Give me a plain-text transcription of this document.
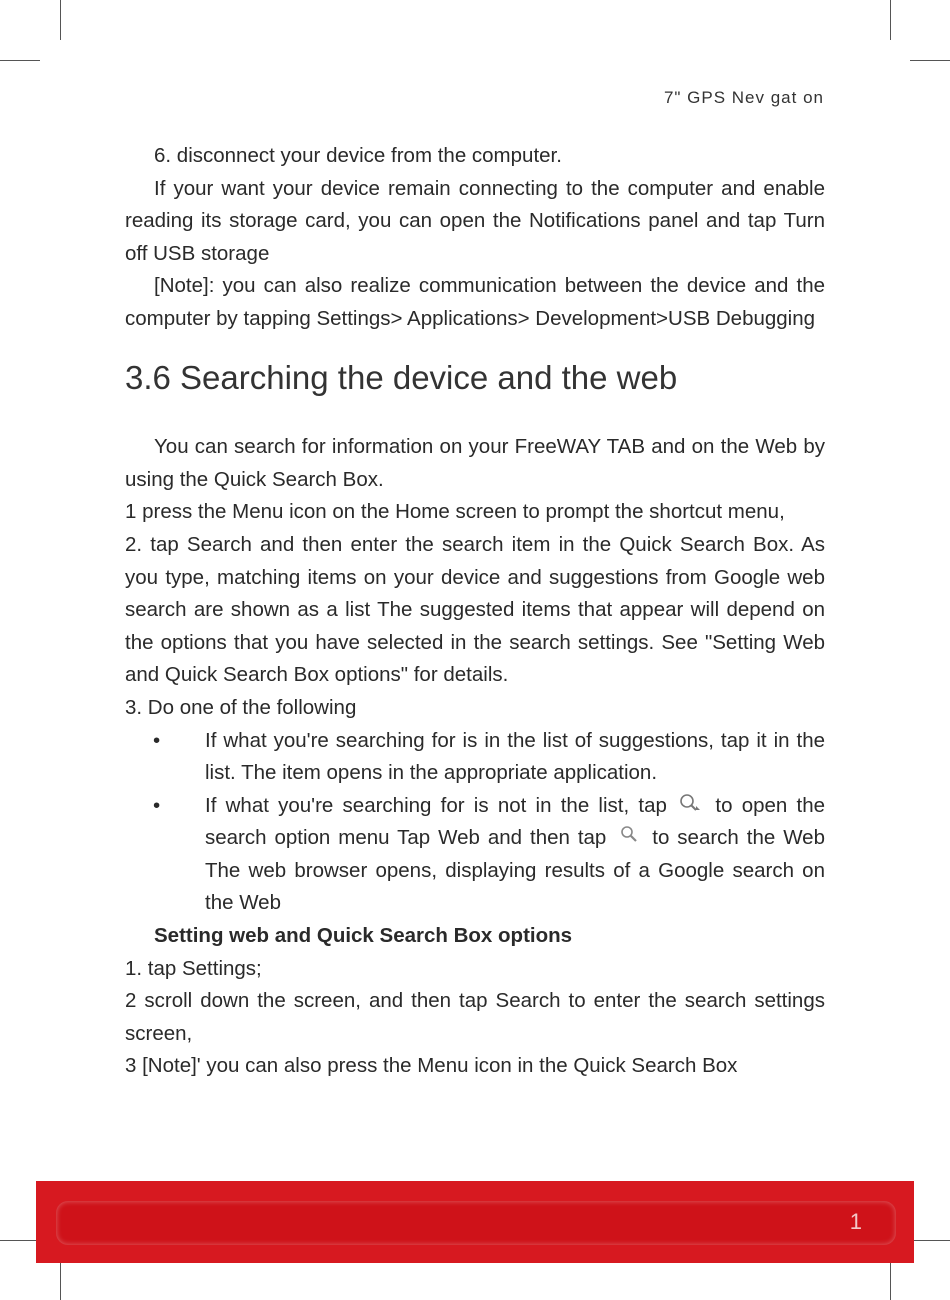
7" GPS Nev gat on

6. disconnect your device from the computer.

If your want your device remain connecting to the computer and enable reading its storage card, you can open the Notifications panel and tap Turn off USB storage

[Note]: you can also realize communication between the device and the computer by tapping Settings> Applications> Development>USB Debugging

3.6 Searching the device and the web

You can search for information on your FreeWAY TAB and on the Web by using the Quick Search Box.

1 press the Menu icon on the Home screen to prompt the shortcut menu,

2. tap Search and then enter the search item in the Quick Search Box. As you type, matching items on your device and suggestions from Google web search are shown as a list The suggested items that appear will depend on the options that you have selected in the search settings. See "Setting Web and Quick Search Box options" for details.

3. Do one of the following

•	If what you're searching for is in the list of suggestions, tap it in the list. The item opens in the appropriate application.
•	If what you're searching for is not in the list, tap to open the search option menu Tap Web and then tap to search the Web The web browser opens, displaying results of a Google search on the Web

Setting web and Quick Search Box options

1. tap Settings;

2 scroll down the screen, and then tap Search to enter the search settings screen,

3 [Note]' you can also press the Menu icon in the Quick Search Box

1
